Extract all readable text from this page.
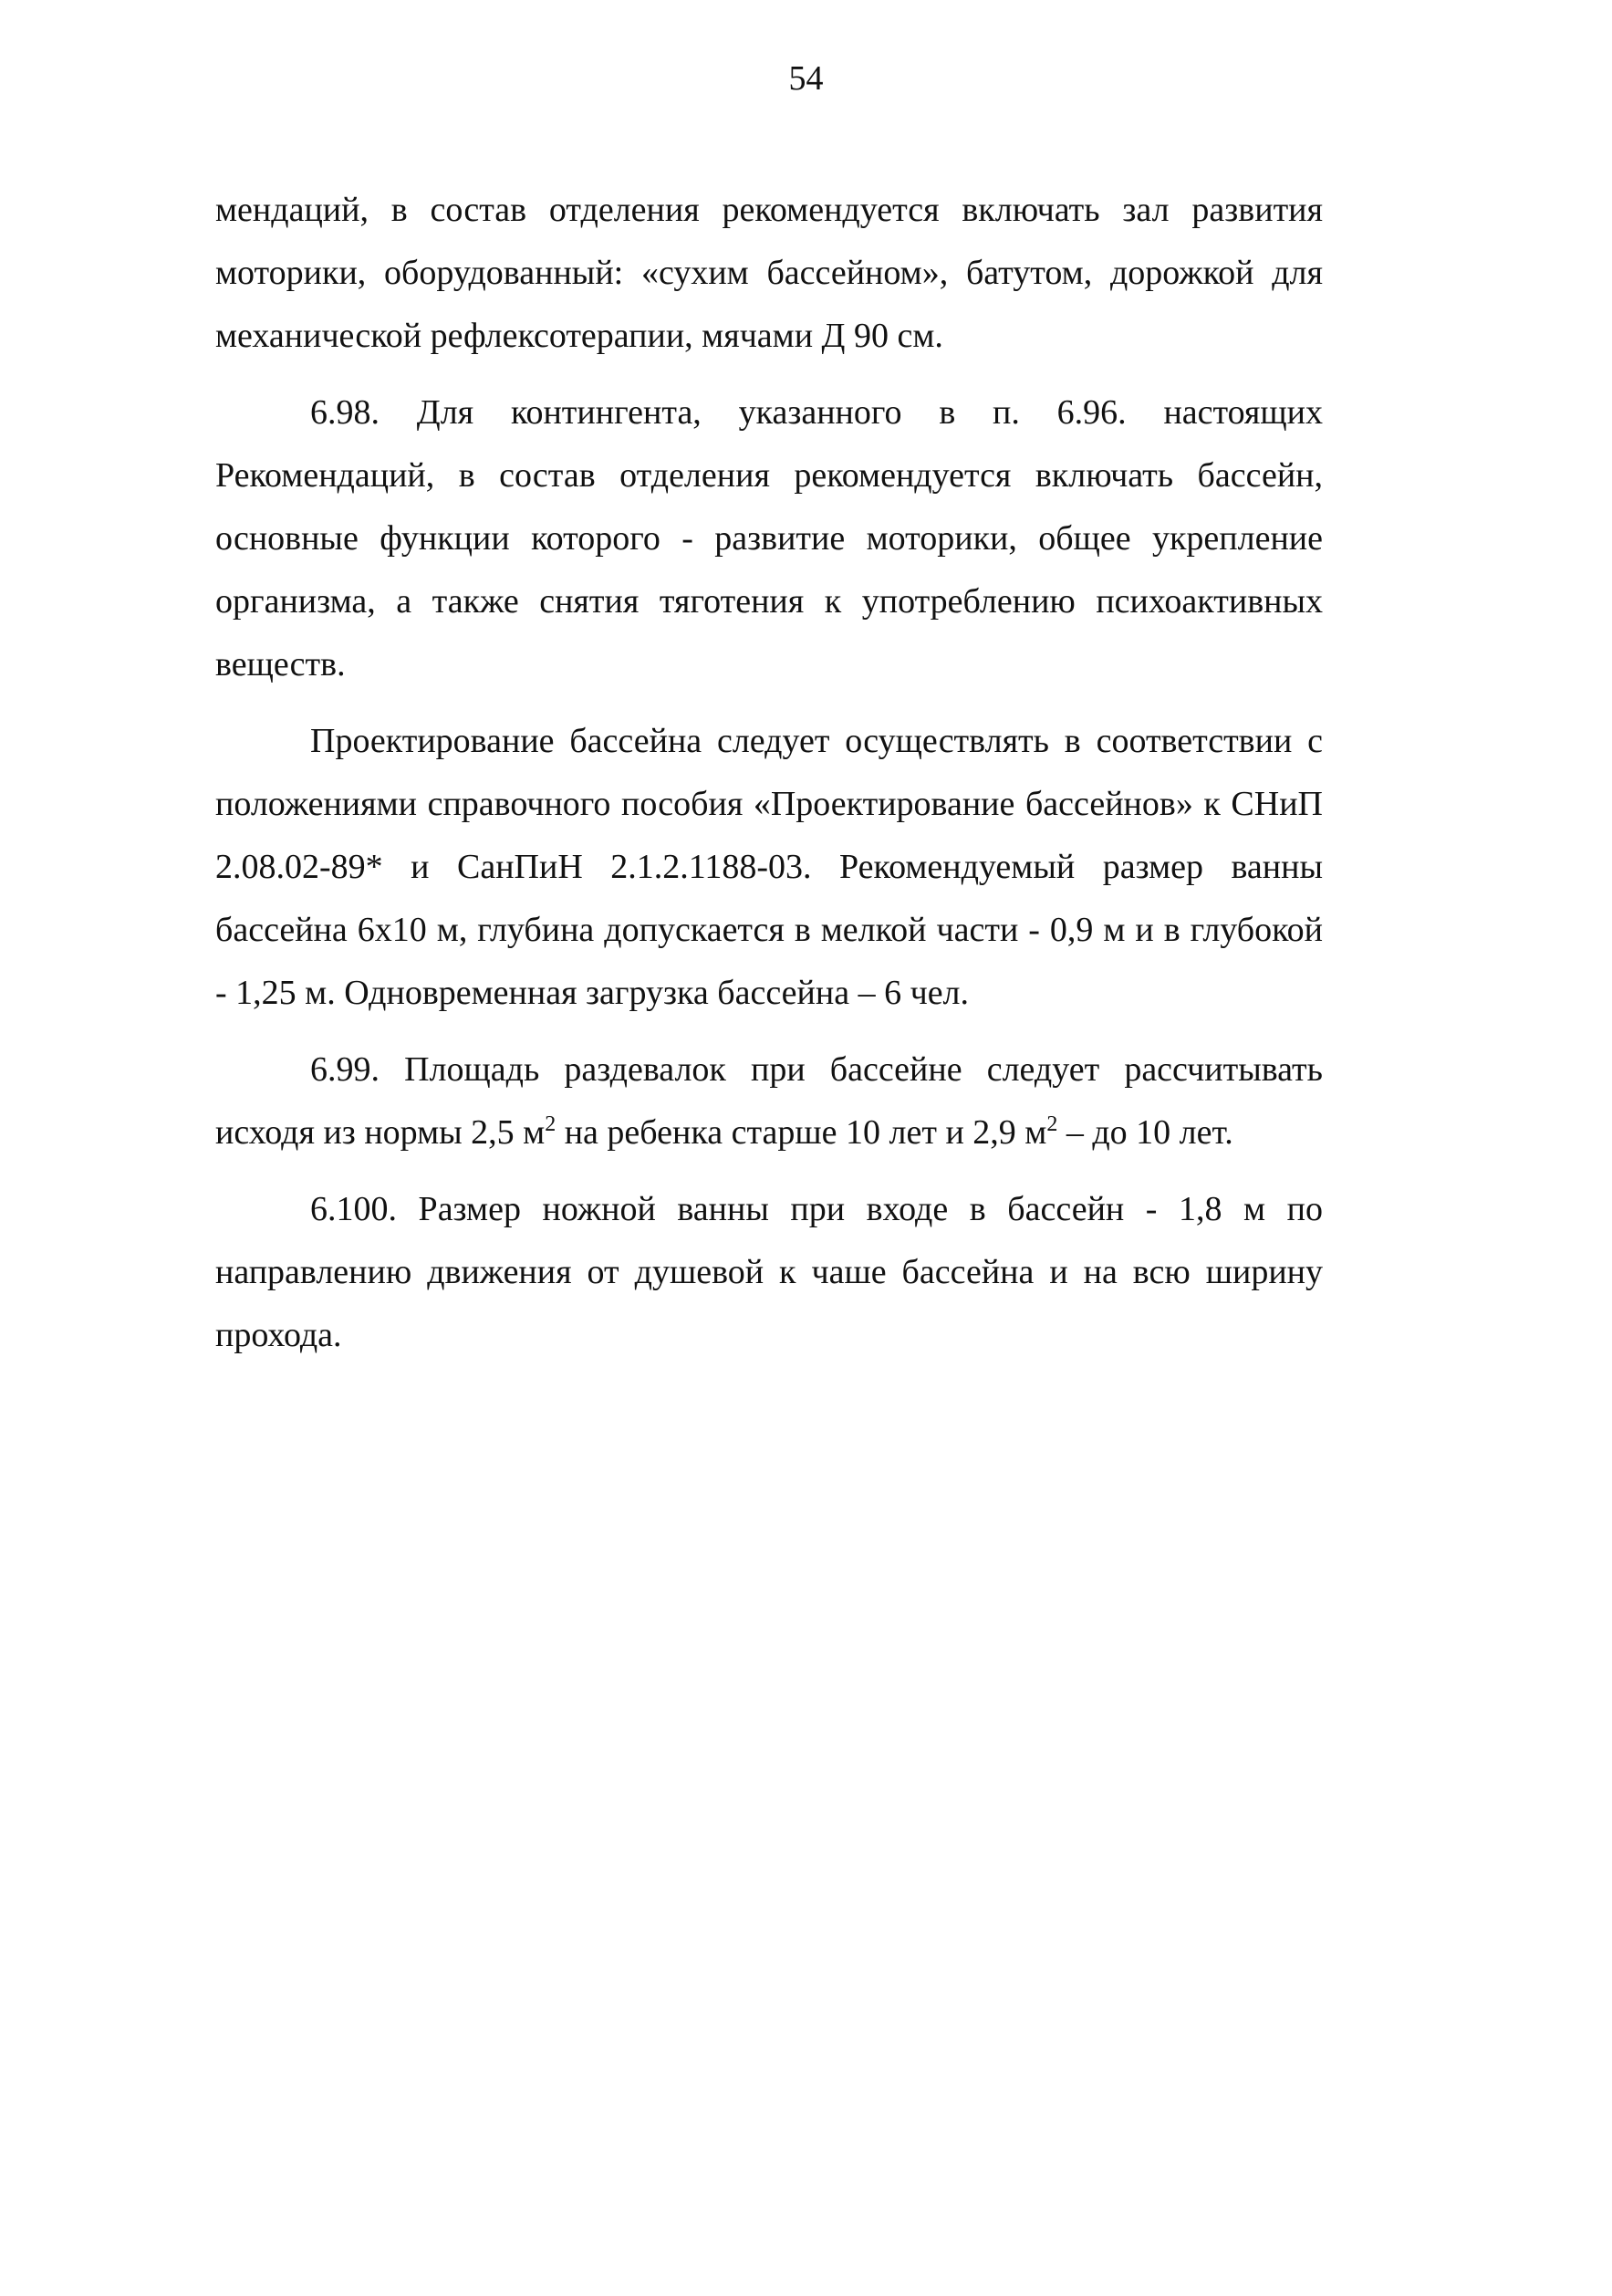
54

мендаций, в состав отделения рекомендуется включать зал развития моторики, оборудованный: «сухим бассейном», батутом, дорожкой для механической рефлексотерапии, мячами Д 90 см.

6.98. Для контингента, указанного в п. 6.96. настоящих Рекомендаций, в состав отделения рекомендуется включать бассейн, основные функции которого - развитие моторики, общее укрепление организма, а также снятия тяготения к употреблению психоактивных веществ.

Проектирование бассейна следует осуществлять в соответствии с положениями справочного пособия «Проектирование бассейнов» к СНиП 2.08.02-89* и СанПиН 2.1.2.1188-03. Рекомендуемый размер ванны бассейна 6х10 м, глубина допускается в мелкой части - 0,9 м и в глубокой - 1,25 м. Одновременная загрузка бассейна – 6 чел.

6.99. Площадь раздевалок при бассейне следует рассчитывать исходя из нормы 2,5 $м^2$ на ребенка старше 10 лет и 2,9 $м^2$ – до 10 лет.

6.100. Размер ножной ванны при входе в бассейн - 1,8 м по направлению движения от душевой к чаше бассейна и на всю ширину прохода.
